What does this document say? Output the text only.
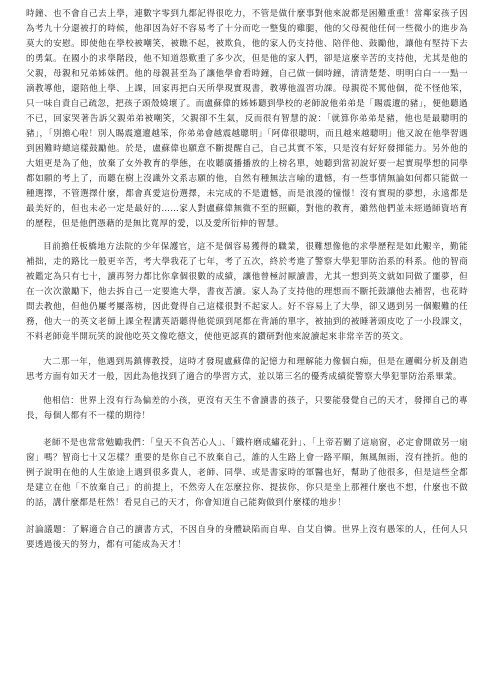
時鐘、也不會自己去上學，連數字零到九都記得很吃力，不管是做什麼事對他來說都是困難重重！當鄰家孩子因為考九十分還被打的時候，他卻因為好不容易考了十分而吃一整隻的雞腿，他的父母視他任何一些微小的進步為莫大的安慰。即使他在學校被嘲笑，被瞧不起，被欺負，他的家人仍支持他、陪伴他、鼓勵他，讓他有堅持下去的勇氣。在國小的求學階段，他不知道怨歎重了多少次，但是他的家人們，卻是這麼辛苦的支持他，尤其是他的父親，母親和兄弟姊妹們。他的母親甚至為了讓他學會看時鐘，自己做一個時鐘，清清楚楚、明明白白一一點一滴教導他，還陪他上學、上課，回家再把白天所學現實現書，教導他溫習功課。母親從不罵他個，從不怪他笨，只一味自責自己疏忽，把孩子頭殼燒壞了。而盧蘇偉的姊姊聽到學校的老師說他弟弟是「賜震邅的豬」，便他聽過不已，回家哭著告訴父親弟弟被嘲笑，父親卻不生氣，反而很有智慧的說：「就算你弟弟是豬，他也是最聰明的豬」，「別擔心啦！別人賜震邅邅越笨，你弟弟會越震越聰明」「阿偉很聰明，而且越來越聰明」他又說在他學習遇到困難時總這樣鼓勵他。於是，盧蘇偉也願意不斷提醒自己，自己其實不笨，只是沒有好好發揮能力。另外他的大姐更是為了他，放棄了女外教育的學態，在收聽廣播播放的上榜名單，她聽到當初說好要一起實現學想的同學都如願的考上了，而聽在樹上沒識外文系志願的他，自然有種無法言喻的遺憾，有一些事情無論如何都只能做一種選擇，不管選擇什麼，都會真愛這份選擇，未完成的不是遺憾，而是浪漫的憧憬！沒有實現的夢想，永遠都是最美好的，但也未必一定是最好的……家人對盧蘇偉無微不至的照顧，對他的教育，雖然他們並未經過師資培育的歷程，但是他們憑藉的是無比寬厚的愛，以及愛所衍伸的智慧。

目前擔任板橋地方法院的少年保護官，這不是個容易獲得的職業，很難想像他的求學歷程是如此艱辛，勤能補拙，走的路比一般更辛苦，考大學我花了七年，考了五次，終於考進了警察大學犯罪防治系的科系。他的智商被鑑定為只有七十，讀再努力都比你拿個很數的成績，讓他曾極討厭讀書，尤其一想到英文就如同做了噩夢，但在一次次激勵下，他去拆自己一定要進大學，書夜苦讀。家人為了支持他的理想而不斷托鼓讓他去補習，也花時間去教他，但他仍屢考屢落榜，因此覺得自己這樣很對不起家人。好不容易上了大學，卻又遇到另一個艱難的任務，他大一的英文老師上課全程講英語聽得他從頭到尾都在背誦的單字，被抽到的被睡著頭皮吃了一小段課文，不料老師竟半開玩笑的說他吃英文像吃德文，使他更認真的鑽研對他來說讀起來非常辛苦的英文。

大二那一年，他遇到馬鎮傳教授，這時才發現盧蘇偉的記憶力和理解能力像個白痴，但是在邏輯分析及創造思考方面有如天才一般，因此為他找到了適合的學習方式，並以第三名的優秀成績從警察大學犯罪防治系畢業。

他相信：世界上沒有行為偏差的小孩，更沒有天生不會讀書的孩子，只要能發覺自己的天才，發揮自己的專長，每個人都有不一樣的期待！

老師不是也常常勉勵我們：「皇天不負苦心人」、「鐵杵磨成繡花針」、「上帝若關了這扇窗，必定會開啟另一扇窗」嗎？智商七十又怎樣？重要的是你自己不放棄自己，誰的人生路上會一路平順，無風無雨，沒有挫折。他的例子說明在他的人生旅途上遇到很多貴人，老師、同學、或是書家時的軍醫也好，幫助了他很多，但是這些全都是建立在他「不放棄自己」的前提上，不然旁人在怎麼拉你、提拔你，你只是坐上那裡什麼也不想，什麼也不做的話，講什麼都是枉然！看見自己的天才，你會知道自己能夠做到什麼樣的地步！

討論議題：了解適合自己的讀書方式，不因自身的身體缺陷而自卑、自艾自憐。世界上沒有愚笨的人，任何人只要透過後天的努力，都有可能成為天才！
